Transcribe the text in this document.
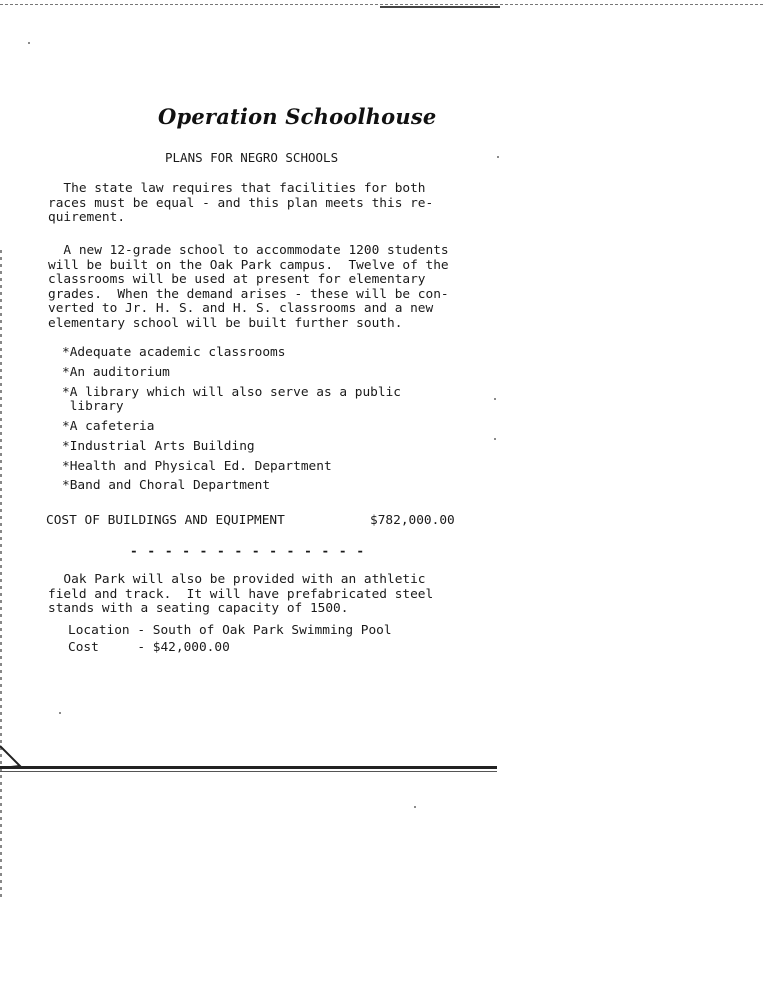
Operation Schoolhouse
PLANS FOR NEGRO SCHOOLS
The state law requires that facilities for both
races must be equal - and this plan meets this re-
quirement.
A new 12-grade school to accommodate 1200 students
will be built on the Oak Park campus.  Twelve of the
classrooms will be used at present for elementary
grades.  When the demand arises - these will be con-
verted to Jr. H. S. and H. S. classrooms and a new
elementary school will be built further south.
*Adequate academic classrooms
*An auditorium
*A library which will also serve as a public
library
*A cafeteria
*Industrial Arts Building
*Health and Physical Ed. Department
*Band and Choral Department
COST OF BUILDINGS AND EQUIPMENT	$782,000.00
- - - - - - - - - - - - - -
Oak Park will also be provided with an athletic
field and track.  It will have prefabricated steel
stands with a seating capacity of 1500.
Location - South of Oak Park Swimming Pool
Cost     - $42,000.00
